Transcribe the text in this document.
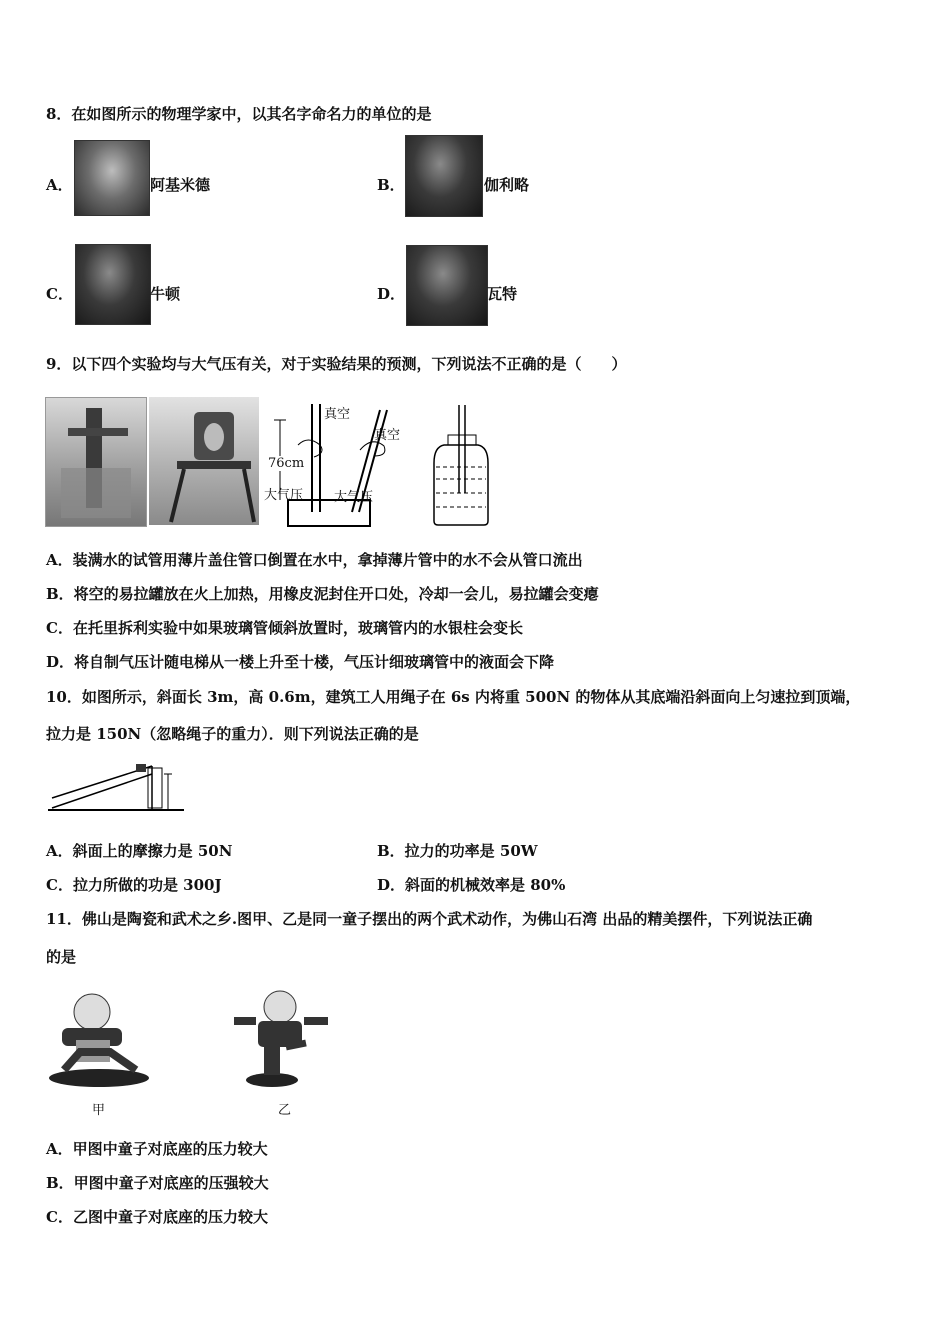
8．在如图所示的物理学家中，以其名字命名力的单位的是
A．	阿基米德	B．	伽利略
C．	牛顿	D．	瓦特
9．以下四个实验均与大气压有关，对于实验结果的预测，下列说法不正确的是（　　）
真空
真空
76cm
大气压 大气压
A．装满水的试管用薄片盖住管口倒置在水中，拿掉薄片管中的水不会从管口流出
B．将空的易拉罐放在火上加热，用橡皮泥封住开口处，冷却一会儿，易拉罐会变瘪
C．在托里拆利实验中如果玻璃管倾斜放置时，玻璃管内的水银柱会变长
D．将自制气压计随电梯从一楼上升至十楼，气压计细玻璃管中的液面会下降
10．如图所示，斜面长 3m，高 0.6m，建筑工人用绳子在 6s 内将重 500N 的物体从其底端沿斜面向上匀速拉到顶端，
拉力是 150N（忽略绳子的重力）．则下列说法正确的是
A．斜面上的摩擦力是 50N	B．拉力的功率是 50W
C．拉力所做的功是 300J	D．斜面的机械效率是 80%
11．佛山是陶瓷和武术之乡.图甲、乙是同一童子摆出的两个武术动作，为佛山石湾 出品的精美摆件，下列说法正确
的是
甲	乙
A．甲图中童子对底座的压力较大
B．甲图中童子对底座的压强较大
C．乙图中童子对底座的压力较大
